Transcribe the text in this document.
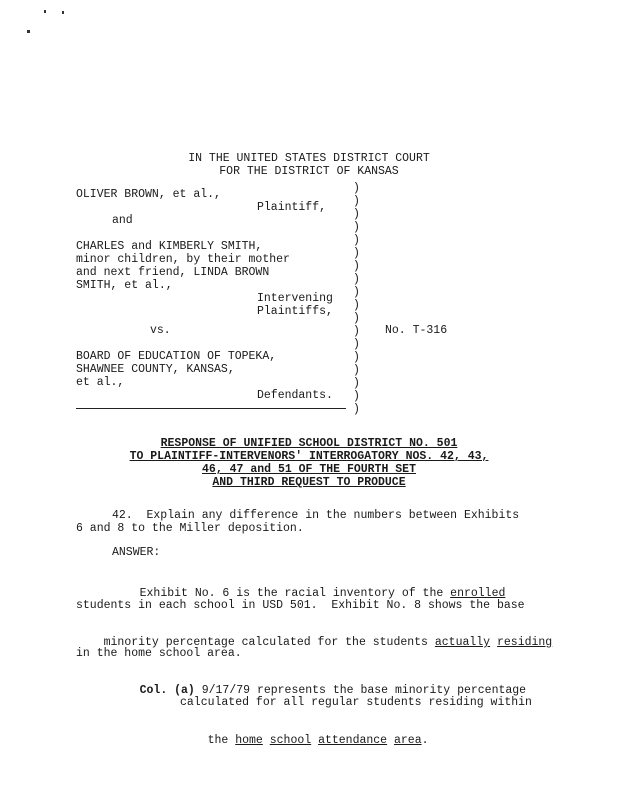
IN THE UNITED STATES DISTRICT COURT
FOR THE DISTRICT OF KANSAS
OLIVER BROWN, et al.,
Plaintiff,
and
CHARLES and KIMBERLY SMITH,
minor children, by their mother
and next friend, LINDA BROWN
SMITH, et al.,
Intervening
Plaintiffs,
vs.
BOARD OF EDUCATION OF TOPEKA,
SHAWNEE COUNTY, KANSAS,
et al.,
Defendants.
)
)
)
)
)
)
)
)
)
)
)
)
)
)
)
)
)
)
No. T-316
RESPONSE OF UNIFIED SCHOOL DISTRICT NO. 501
TO PLAINTIFF-INTERVENORS' INTERROGATORY NOS. 42, 43,
46, 47 and 51 OF THE FOURTH SET
AND THIRD REQUEST TO PRODUCE
42.  Explain any difference in the numbers between Exhibits
6 and 8 to the Miller deposition.
ANSWER:

Exhibit No. 6 is the racial inventory of the enrolled

students in each school in USD 501.  Exhibit No. 8 shows the base

minority percentage calculated for the students actually residing

in the home school area.

Col. (a) 9/17/79 represents the base minority percentage

calculated for all regular students residing within

the home school attendance area.
